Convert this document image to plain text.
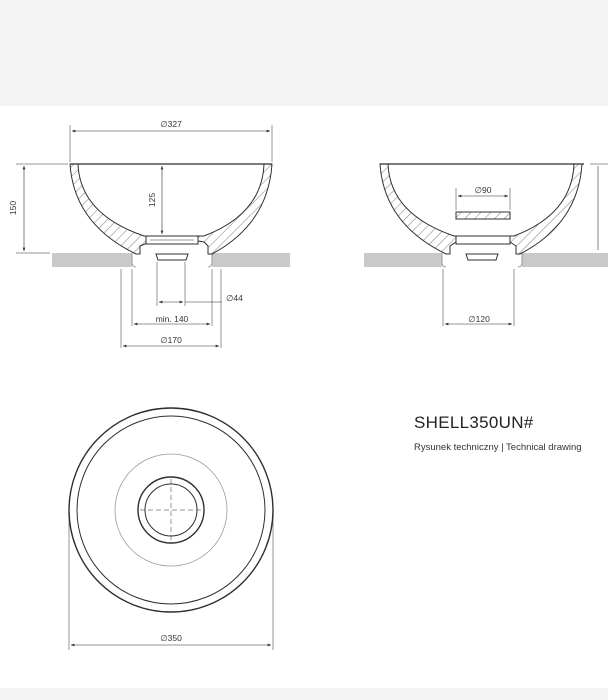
∅327
150
125
∅44
min. 140
∅170
∅90
∅120
∅350
SHELL350UN#
Rysunek techniczny | Technical drawing
